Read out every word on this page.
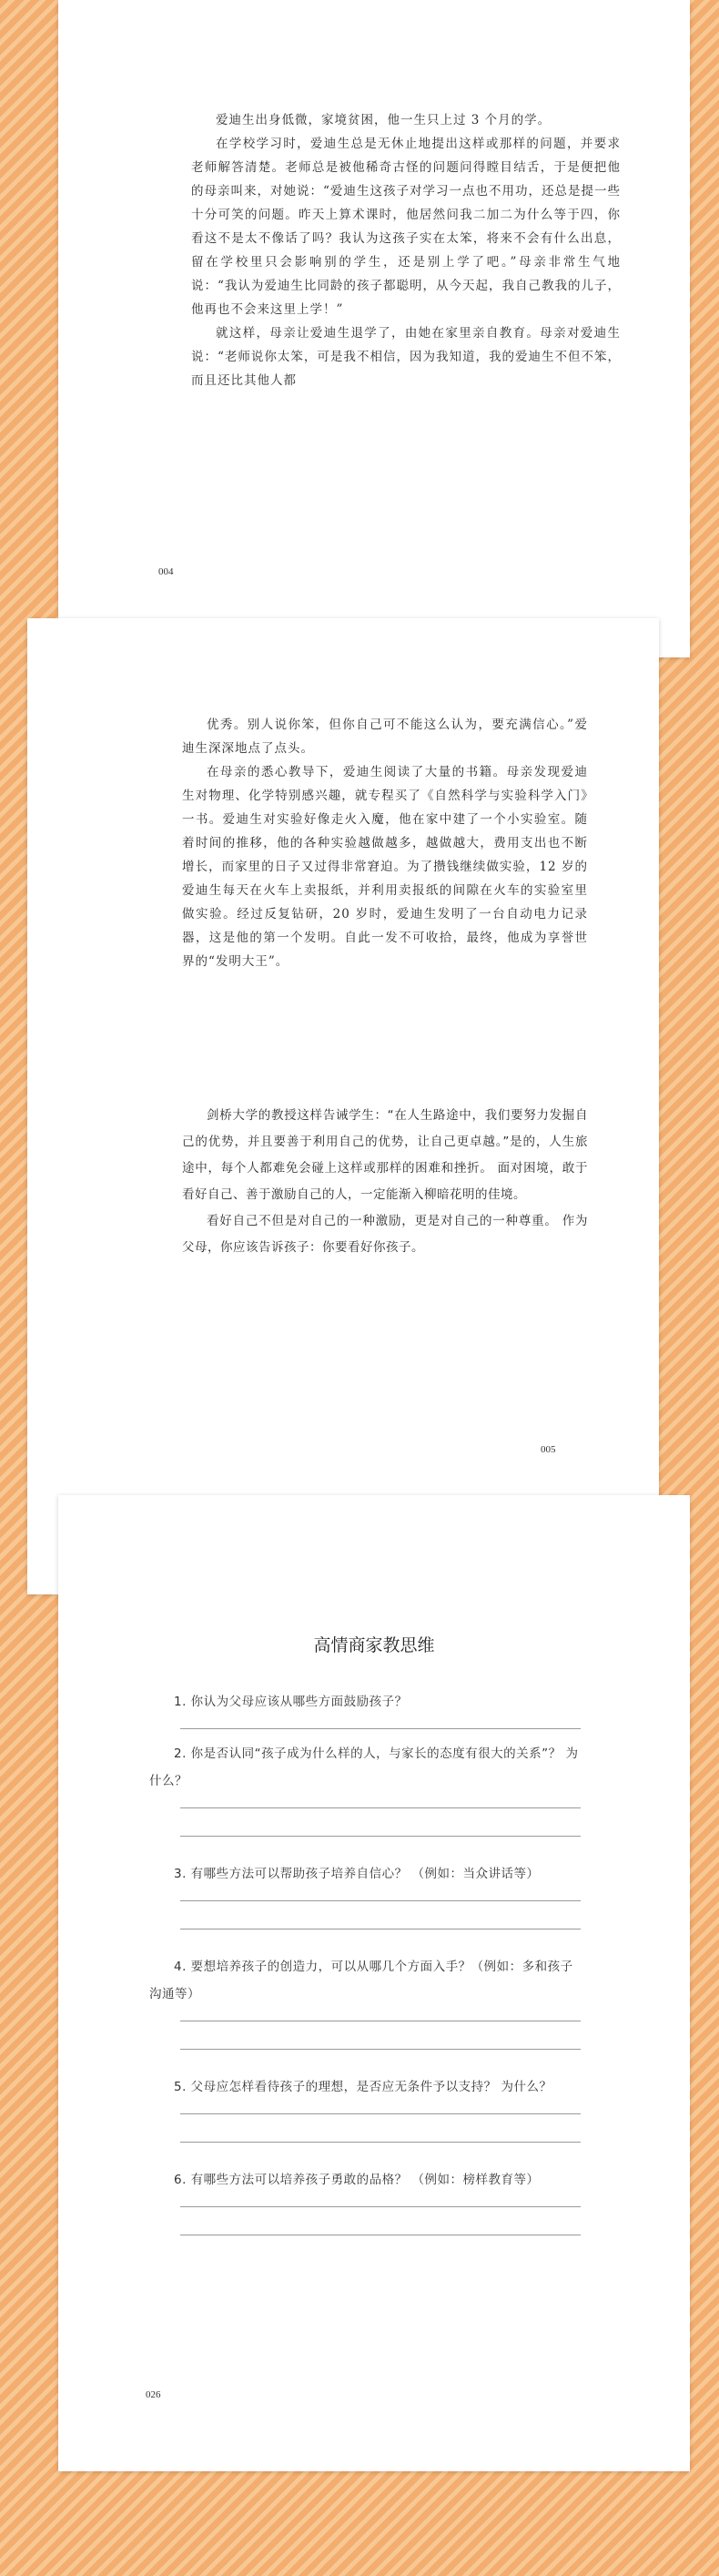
爱迪生出身低微，家境贫困，他一生只上过 3 个月的学。

在学校学习时，爱迪生总是无休止地提出这样或那样的问题，并要求老师解答清楚。老师总是被他稀奇古怪的问题问得瞠目结舌，于是便把他的母亲叫来，对她说：“爱迪生这孩子对学习一点也不用功，还总是提一些十分可笑的问题。昨天上算术课时，他居然问我二加二为什么等于四，你看这不是太不像话了吗？我认为这孩子实在太笨，将来不会有什么出息，留在学校里只会影响别的学生，还是别上学了吧。”母亲非常生气地说：“我认为爱迪生比同龄的孩子都聪明，从今天起，我自己教我的儿子，他再也不会来这里上学！”

就这样，母亲让爱迪生退学了，由她在家里亲自教育。母亲对爱迪生说：“老师说你太笨，可是我不相信，因为我知道，我的爱迪生不但不笨，而且还比其他人都

004

优秀。别人说你笨，但你自己可不能这么认为，要充满信心。”爱迪生深深地点了点头。

在母亲的悉心教导下，爱迪生阅读了大量的书籍。母亲发现爱迪生对物理、化学特别感兴趣，就专程买了《自然科学与实验科学入门》一书。爱迪生对实验好像走火入魔，他在家中建了一个小实验室。随着时间的推移，他的各种实验越做越多，越做越大，费用支出也不断增长，而家里的日子又过得非常窘迫。为了攒钱继续做实验，12 岁的爱迪生每天在火车上卖报纸，并利用卖报纸的间隙在火车的实验室里做实验。经过反复钻研，20 岁时，爱迪生发明了一台自动电力记录器，这是他的第一个发明。自此一发不可收拾，最终，他成为享誉世界的“发明大王”。

剑桥大学的教授这样告诫学生：“在人生路途中，我们要努力发掘自己的优势，并且要善于利用自己的优势，让自己更卓越。”是的，人生旅途中，每个人都难免会碰上这样或那样的困难和挫折。 面对困境，敢于看好自己、善于激励自己的人，一定能渐入柳暗花明的佳境。

看好自己不但是对自己的一种激励，更是对自己的一种尊重。 作为父母，你应该告诉孩子：你要看好你孩子。

005
高情商家教思维
1. 你认为父母应该从哪些方面鼓励孩子？
2. 你是否认同“孩子成为什么样的人，与家长的态度有很大的关系”？ 为什么？
3. 有哪些方法可以帮助孩子培养自信心？ （例如：当众讲话等）
4. 要想培养孩子的创造力，可以从哪几个方面入手？（例如：多和孩子沟通等）
5. 父母应怎样看待孩子的理想，是否应无条件予以支持？ 为什么？
6. 有哪些方法可以培养孩子勇敢的品格？ （例如：榜样教育等）
026
